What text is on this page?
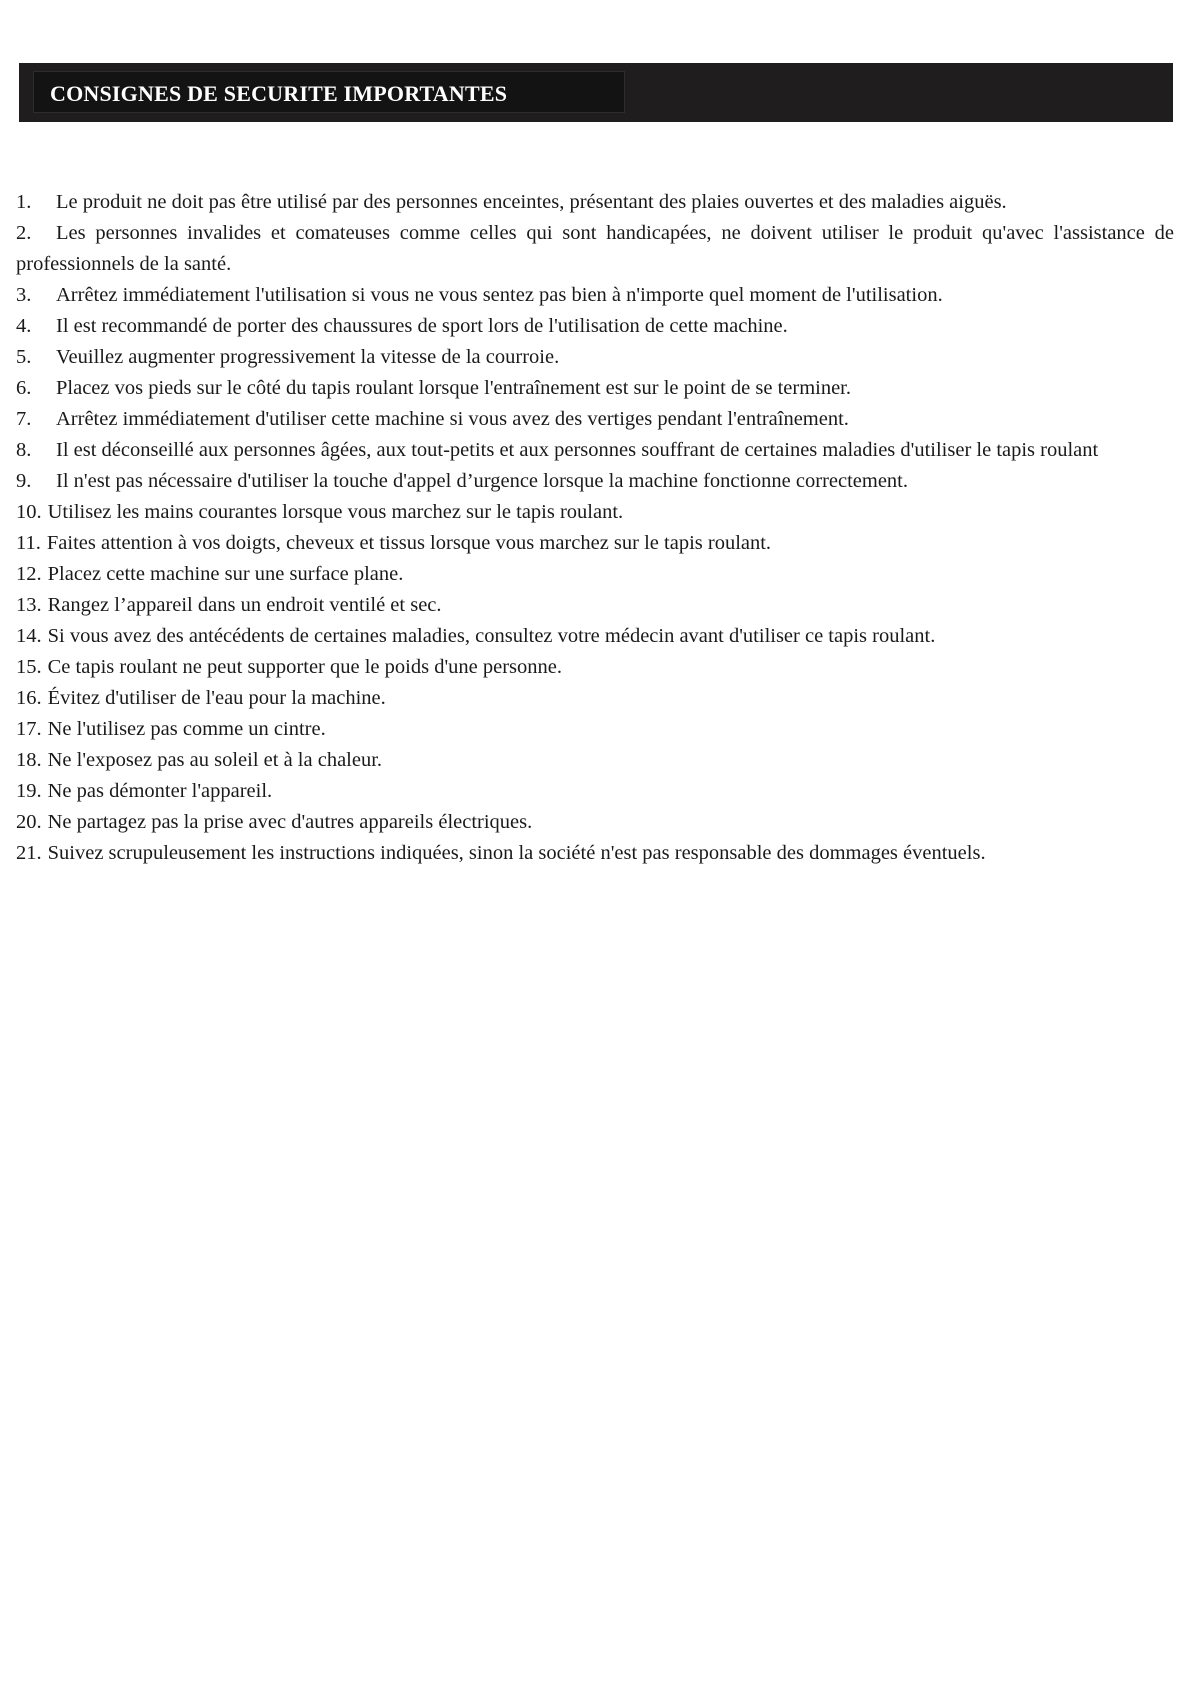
CONSIGNES DE SECURITE IMPORTANTES
1. Le produit ne doit pas être utilisé par des personnes enceintes, présentant des plaies ouvertes et des maladies aiguës.
2. Les personnes invalides et comateuses comme celles qui sont handicapées, ne doivent utiliser le produit qu'avec l'assistance de professionnels de la santé.
3. Arrêtez immédiatement l'utilisation si vous ne vous sentez pas bien à n'importe quel moment de l'utilisation.
4. Il est recommandé de porter des chaussures de sport lors de l'utilisation de cette machine.
5. Veuillez augmenter progressivement la vitesse de la courroie.
6. Placez vos pieds sur le côté du tapis roulant lorsque l'entraînement est sur le point de se terminer.
7. Arrêtez immédiatement d'utiliser cette machine si vous avez des vertiges pendant l'entraînement.
8. Il est déconseillé aux personnes âgées, aux tout-petits et aux personnes souffrant de certaines maladies d'utiliser le tapis roulant
9. Il n'est pas nécessaire d'utiliser la touche d'appel d’urgence lorsque la machine fonctionne correctement.
10. Utilisez les mains courantes lorsque vous marchez sur le tapis roulant.
11. Faites attention à vos doigts, cheveux et tissus lorsque vous marchez sur le tapis roulant.
12. Placez cette machine sur une surface plane.
13. Rangez l’appareil dans un endroit ventilé et sec.
14. Si vous avez des antécédents de certaines maladies, consultez votre médecin avant d'utiliser ce tapis roulant.
15. Ce tapis roulant ne peut supporter que le poids d'une personne.
16. Évitez d'utiliser de l'eau pour la machine.
17. Ne l'utilisez pas comme un cintre.
18. Ne l'exposez pas au soleil et à la chaleur.
19. Ne pas démonter l'appareil.
20. Ne partagez pas la prise avec d'autres appareils électriques.
21. Suivez scrupuleusement les instructions indiquées, sinon la société n'est pas responsable des dommages éventuels.
